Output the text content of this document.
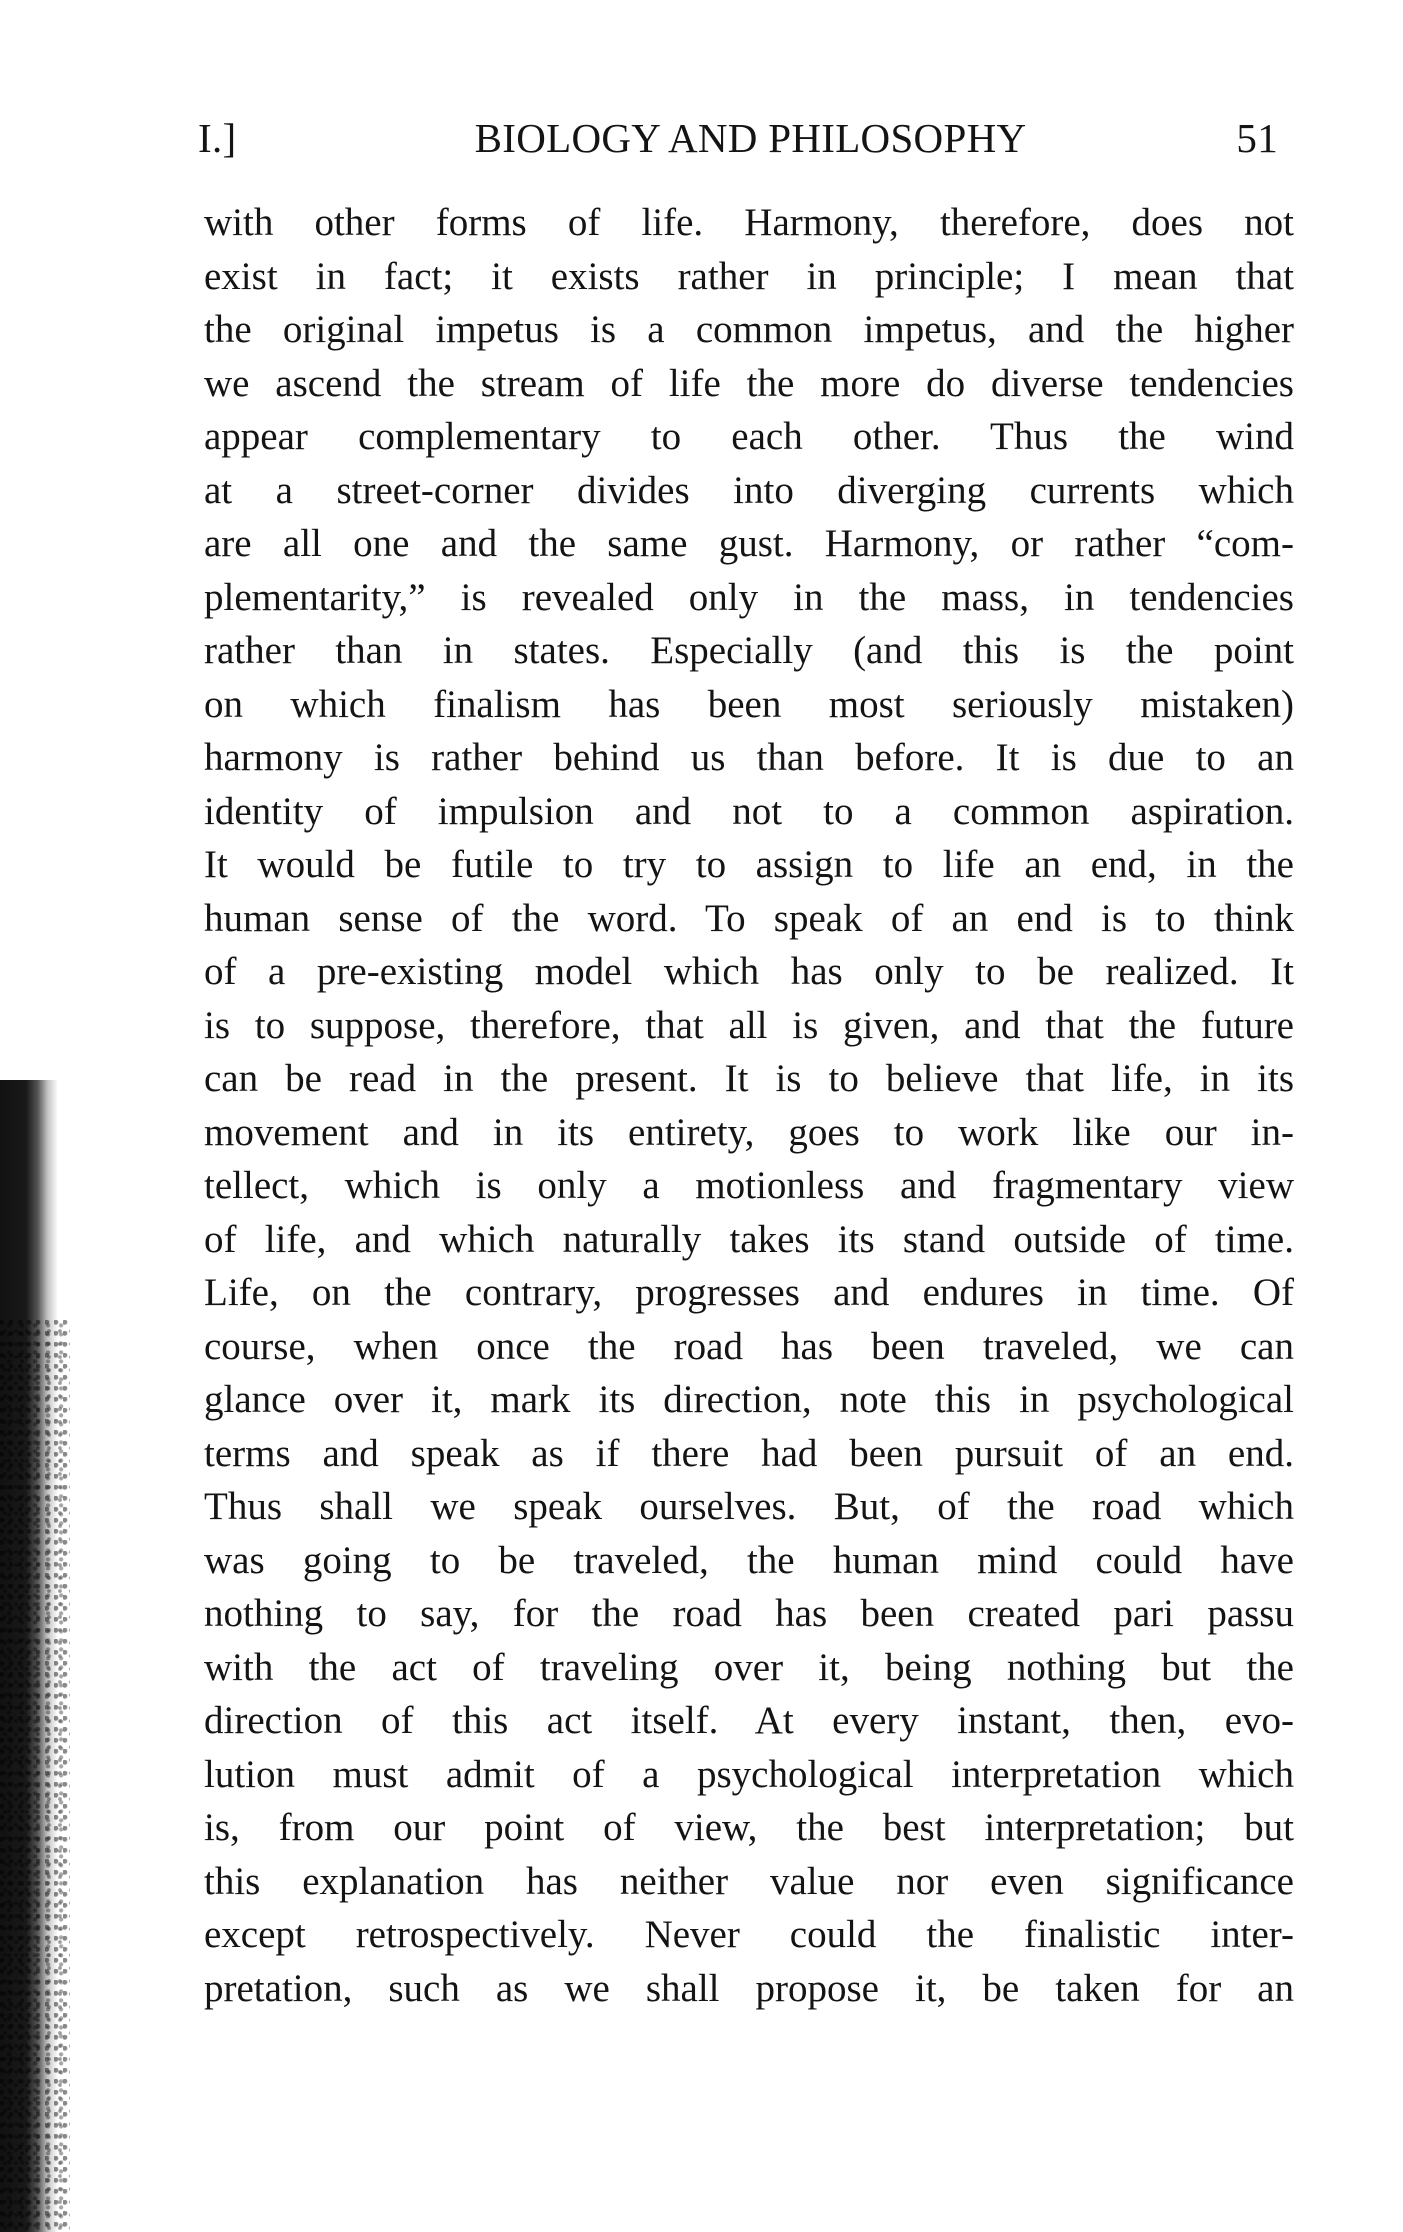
I.]	BIOLOGY AND PHILOSOPHY	51
with other forms of life. Harmony, therefore, does not
exist in fact; it exists rather in principle; I mean that
the original impetus is a common impetus, and the higher
we ascend the stream of life the more do diverse tendencies
appear complementary to each other. Thus the wind
at a street-corner divides into diverging currents which
are all one and the same gust. Harmony, or rather “com-
plementarity,” is revealed only in the mass, in tendencies
rather than in states. Especially (and this is the point
on which finalism has been most seriously mistaken)
harmony is rather behind us than before. It is due to an
identity of impulsion and not to a common aspiration.
It would be futile to try to assign to life an end, in the
human sense of the word. To speak of an end is to think
of a pre-existing model which has only to be realized. It
is to suppose, therefore, that all is given, and that the future
can be read in the present. It is to believe that life, in its
movement and in its entirety, goes to work like our in-
tellect, which is only a motionless and fragmentary view
of life, and which naturally takes its stand outside of time.
Life, on the contrary, progresses and endures in time. Of
course, when once the road has been traveled, we can
glance over it, mark its direction, note this in psychological
terms and speak as if there had been pursuit of an end.
Thus shall we speak ourselves. But, of the road which
was going to be traveled, the human mind could have
nothing to say, for the road has been created pari passu
with the act of traveling over it, being nothing but the
direction of this act itself. At every instant, then, evo-
lution must admit of a psychological interpretation which
is, from our point of view, the best interpretation; but
this explanation has neither value nor even significance
except retrospectively. Never could the finalistic inter-
pretation, such as we shall propose it, be taken for an
